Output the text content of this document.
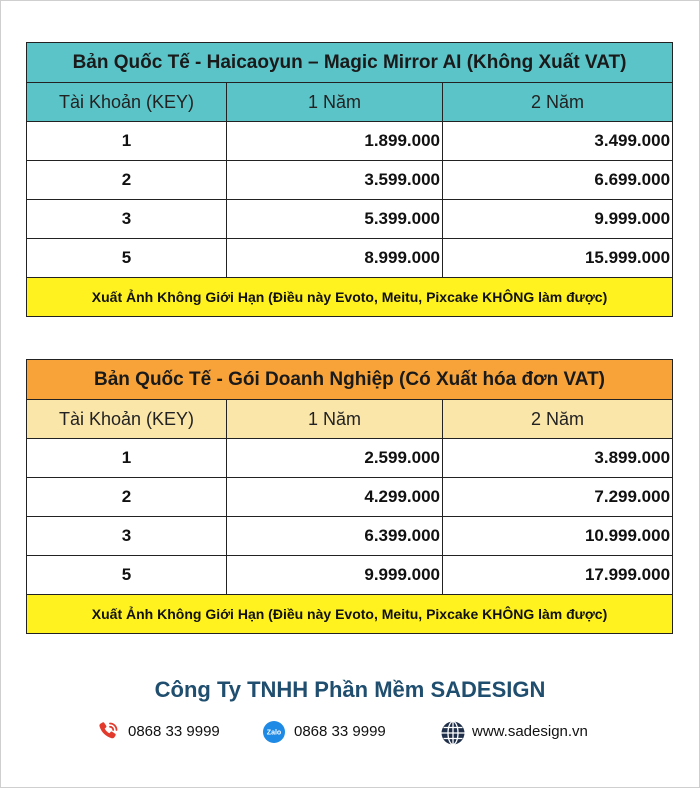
Bản Quốc Tế - Haicaoyun – Magic Mirror AI (Không Xuất VAT)		
Tài Khoản (KEY)	1 Năm	2 Năm
1	1.899.000	3.499.000
2	3.599.000	6.699.000
3	5.399.000	9.999.000
5	8.999.000	15.999.000
Xuất Ảnh Không Giới Hạn (Điều này Evoto, Meitu, Pixcake KHÔNG làm được)		
Bản Quốc Tế - Gói Doanh Nghiệp (Có Xuất hóa đơn VAT)		
Tài Khoản (KEY)	1 Năm	2 Năm
1	2.599.000	3.899.000
2	4.299.000	7.299.000
3	6.399.000	10.999.000
5	9.999.000	17.999.000
Xuất Ảnh Không Giới Hạn (Điều này Evoto, Meitu, Pixcake KHÔNG làm được)		
Công Ty TNHH Phần Mềm SADESIGN
0868 33 9999	Zalo 0868 33 9999	www.sadesign.vn
